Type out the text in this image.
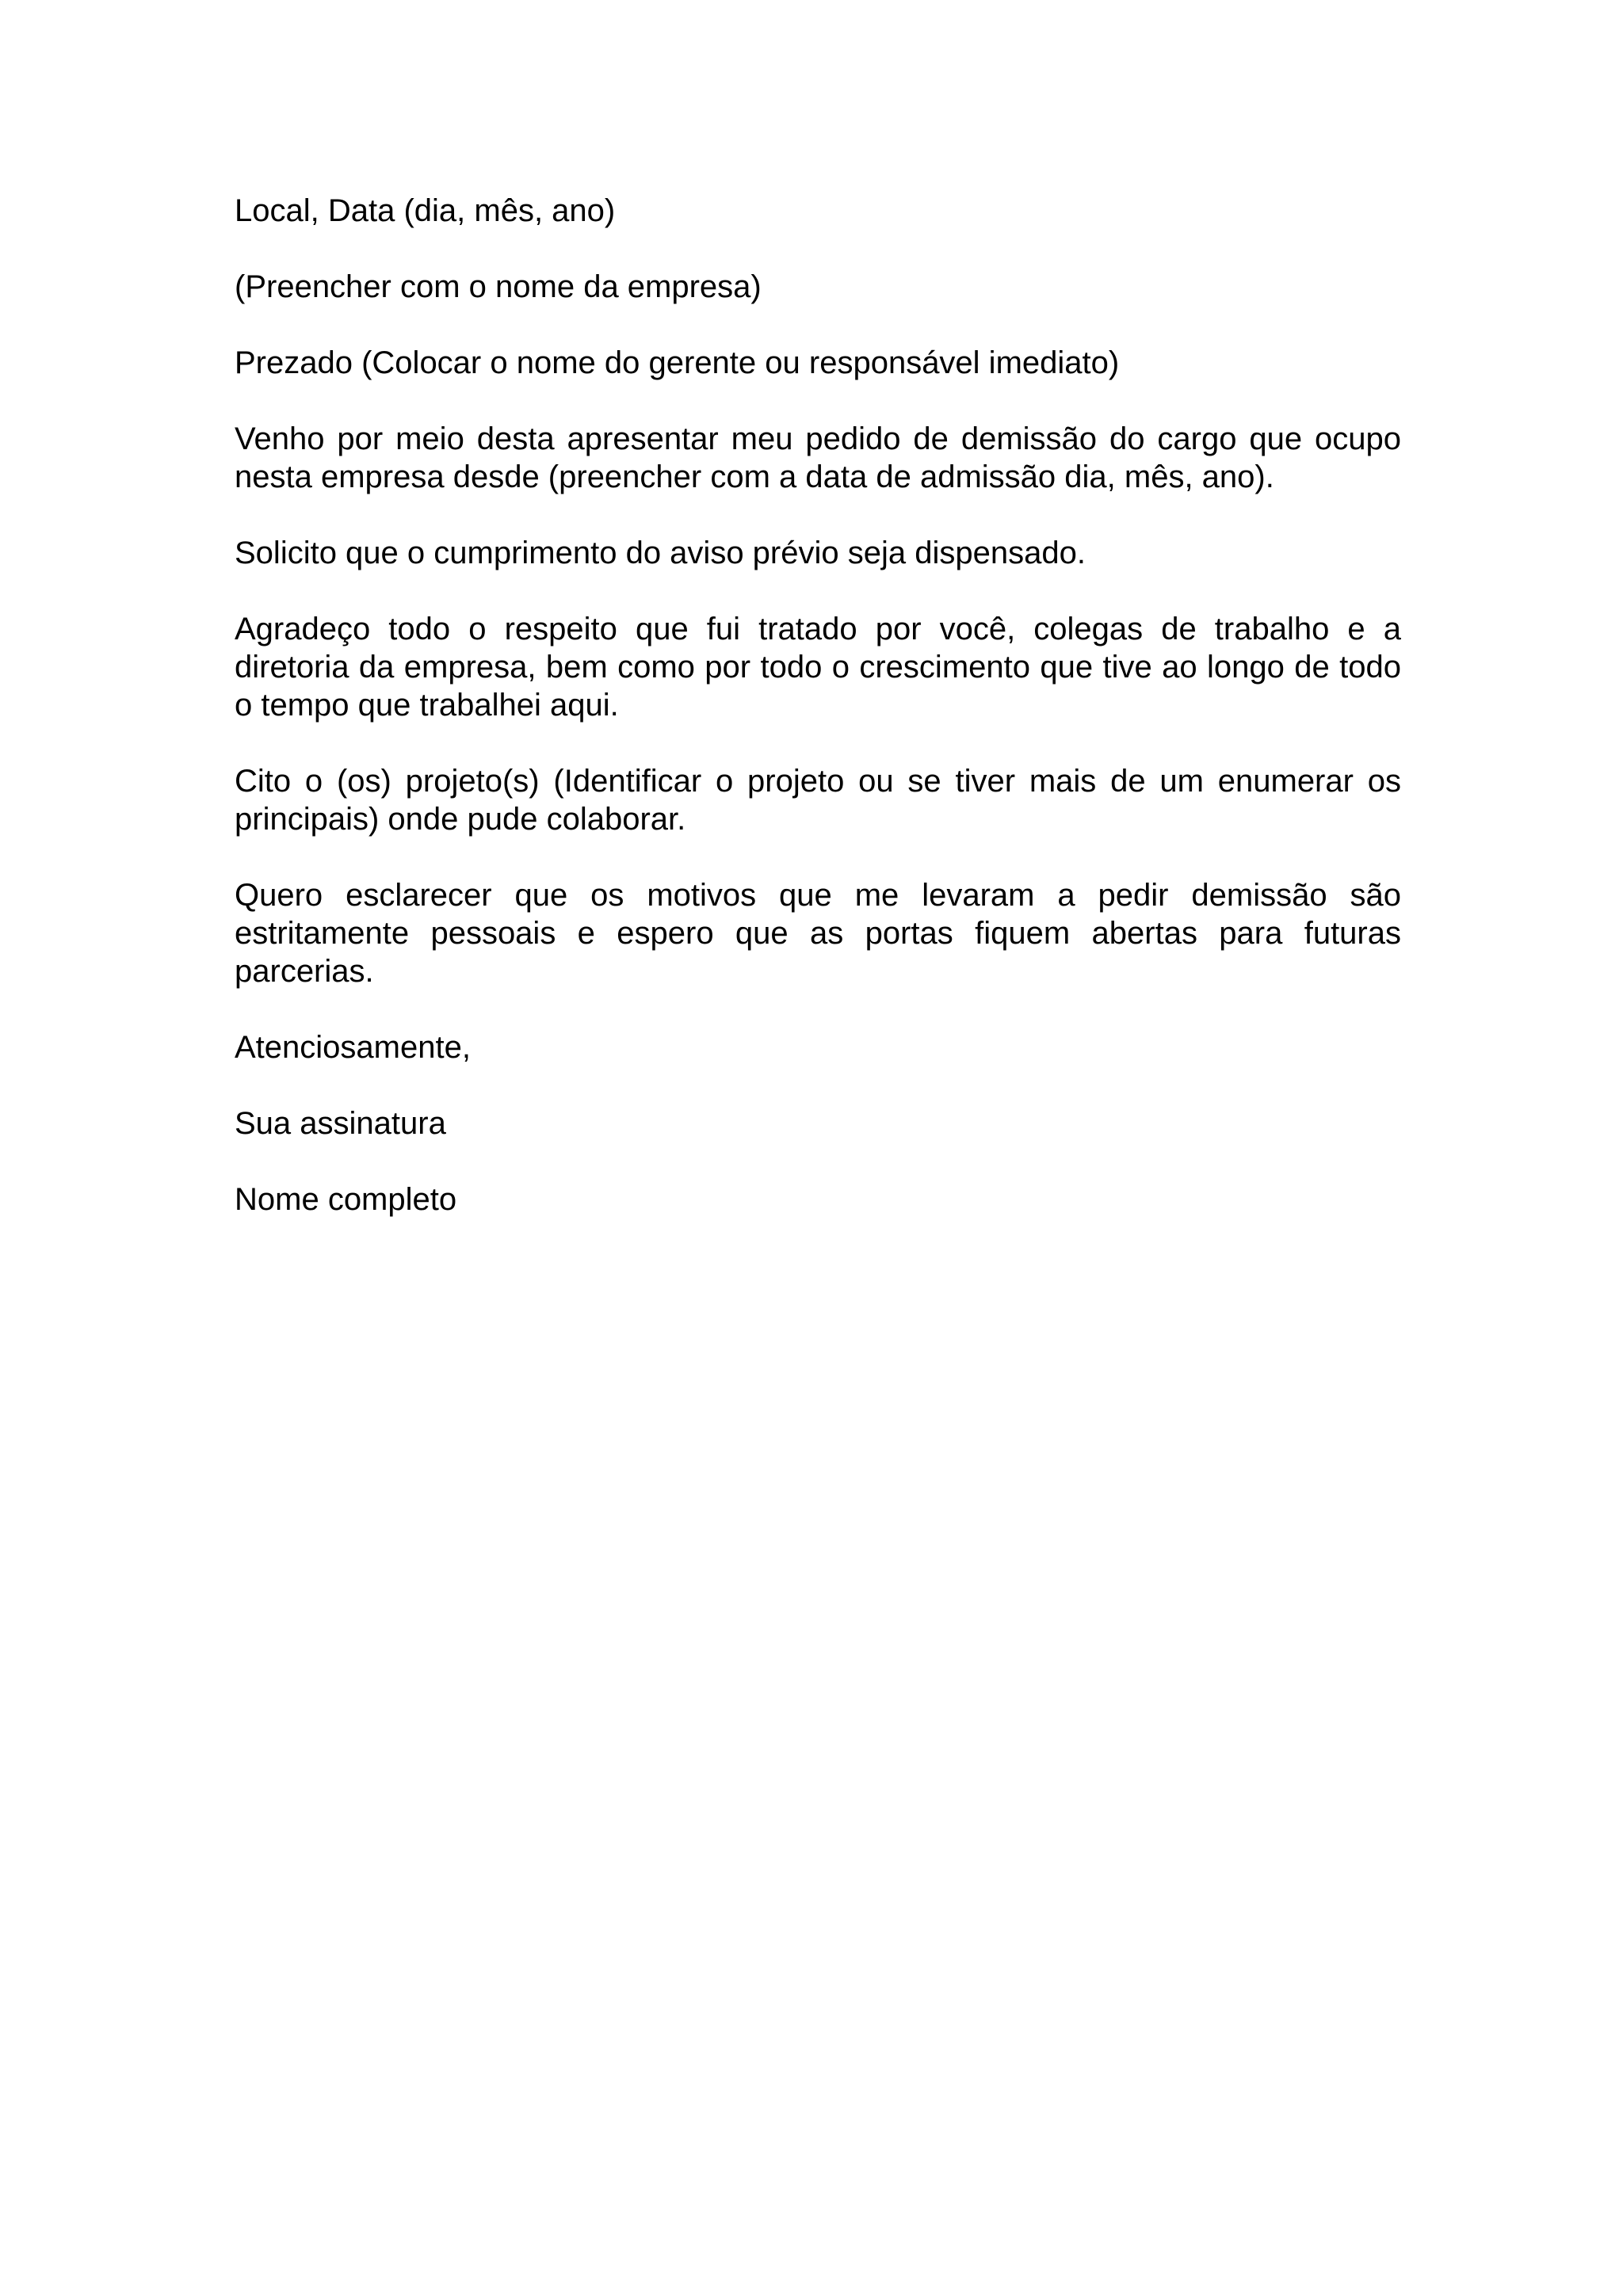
Local, Data (dia, mês, ano)

(Preencher com o nome da empresa)

Prezado (Colocar o nome do gerente ou responsável imediato)

Venho por meio desta apresentar meu pedido de demissão do cargo que ocupo nesta empresa desde (preencher com a data de admissão dia, mês, ano).

Solicito que o cumprimento do aviso prévio seja dispensado.

Agradeço todo o respeito que fui tratado por você, colegas de trabalho e a diretoria da empresa, bem como por todo o crescimento que tive ao longo de todo o tempo que trabalhei aqui.

Cito o (os) projeto(s) (Identificar o projeto ou se tiver mais de um enumerar os principais) onde pude colaborar.

Quero esclarecer que os motivos que me levaram a pedir demissão são estritamente pessoais e espero que as portas fiquem abertas para futuras parcerias.

Atenciosamente,

Sua assinatura

Nome completo
